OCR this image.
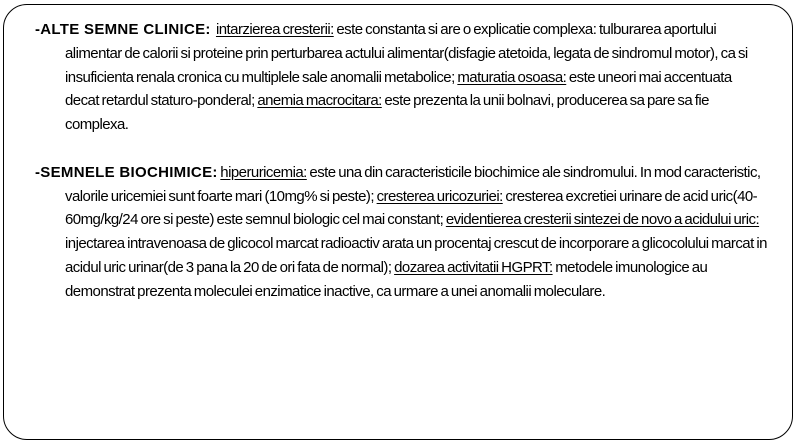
-ALTE SEMNE CLINICE: intarzierea cresterii: este constanta si are o explicatie complexa: tulburarea aportului alimentar de calorii si proteine prin perturbarea actului alimentar(disfagie atetoida, legata de sindromul motor), ca si insuficienta renala cronica cu multiplele sale anomalii metabolice; maturatia osoasa: este uneori mai accentuata decat retardul staturo-ponderal; anemia macrocitara: este prezenta la unii bolnavi, producerea sa pare sa fie complexa.

-SEMNELE BIOCHIMICE: hiperuricemia: este una din caracteristicile biochimice ale sindromului. In mod caracteristic, valorile uricemiei sunt foarte mari (10mg% si peste); cresterea uricozuriei: cresterea excretiei urinare de acid uric(40-60mg/kg/24 ore si peste) este semnul biologic cel mai constant; evidentierea cresterii sintezei de novo a acidului uric: injectarea intravenoasa de glicocol marcat radioactiv arata un procentaj crescut de incorporare a glicocolului marcat in acidul uric urinar(de 3 pana la 20 de ori fata de normal); dozarea activitatii HGPRT: metodele imunologice au demonstrat prezenta moleculei enzimatice inactive, ca urmare a unei anomalii moleculare.
